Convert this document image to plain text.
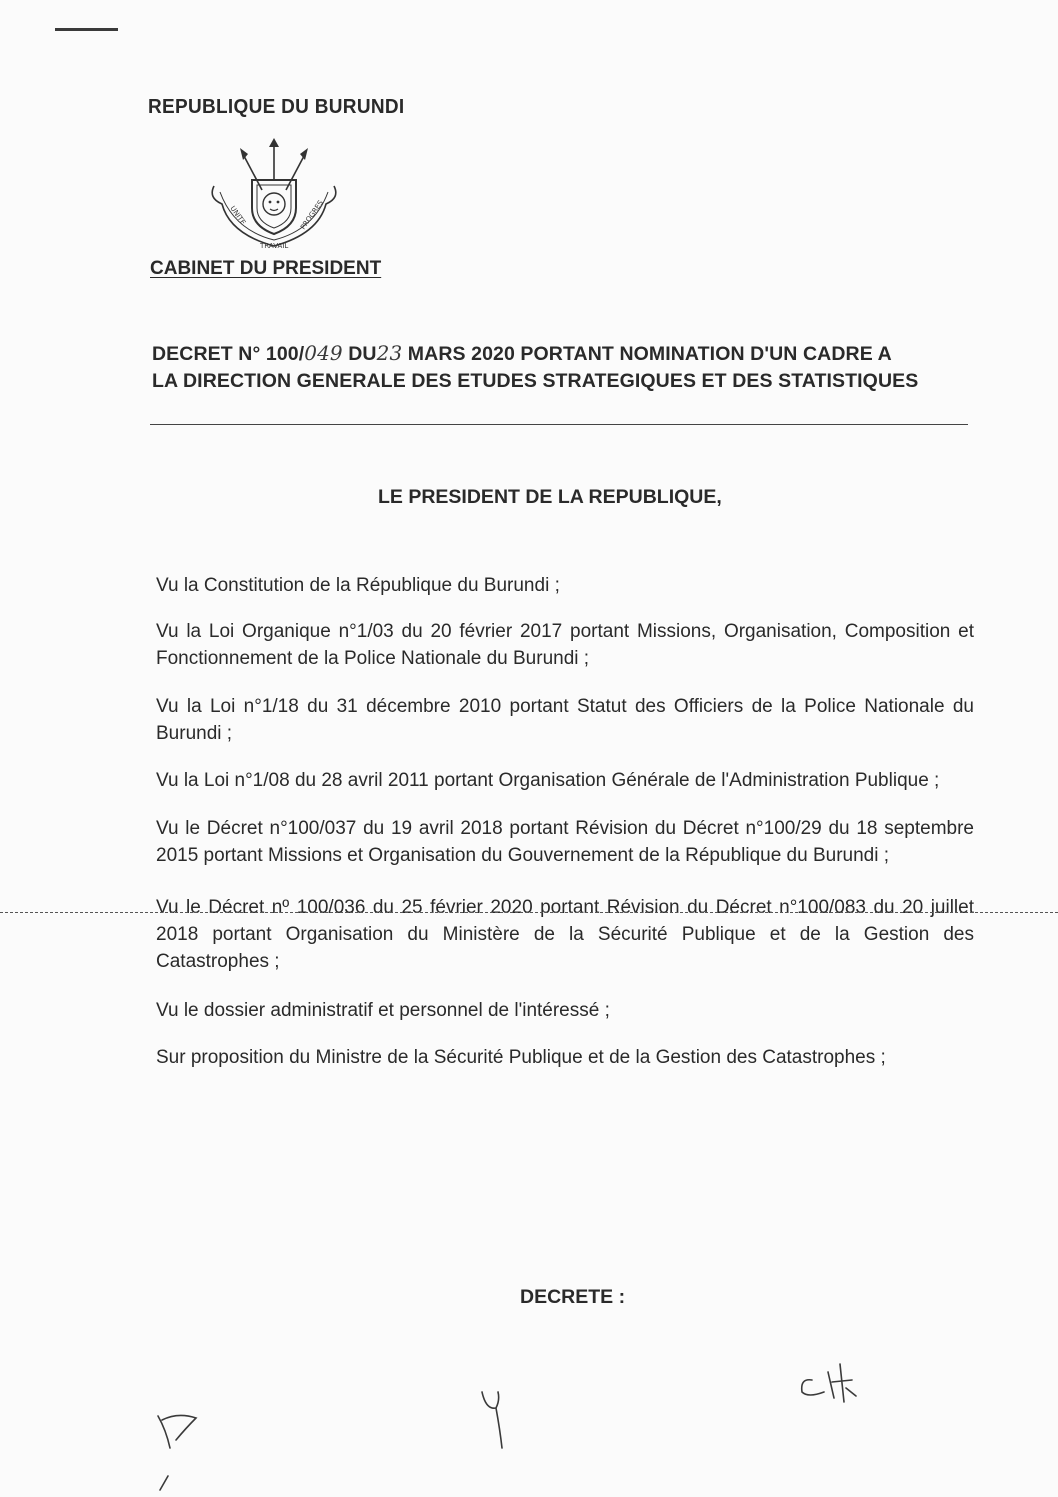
REPUBLIQUE DU BURUNDI
UNITE
TRAVAIL
PROGRES
CABINET DU PRESIDENT
DECRET N° 100/049 DU23 MARS 2020 PORTANT NOMINATION D'UN CADRE A
LA DIRECTION GENERALE DES ETUDES STRATEGIQUES ET DES STATISTIQUES
LE PRESIDENT DE LA REPUBLIQUE,

Vu la Constitution de la République du Burundi ;

Vu la Loi Organique n°1/03 du 20 février 2017 portant Missions, Organisation, Composition et Fonctionnement de la Police Nationale du Burundi ;

Vu la Loi n°1/18 du 31 décembre 2010 portant Statut des Officiers de la Police Nationale du Burundi ;

Vu la Loi n°1/08 du 28 avril 2011 portant Organisation Générale de l'Administration Publique ;

Vu le Décret n°100/037 du 19 avril 2018 portant Révision du Décret n°100/29 du 18 septembre 2015 portant Missions et Organisation du Gouvernement de la République du Burundi ;

Vu le Décret nº 100/036 du 25 février 2020 portant Révision du Décret n°100/083 du 20 juillet 2018 portant Organisation du Ministère de la Sécurité Publique et de la Gestion des Catastrophes ;

Vu le dossier administratif et personnel de l'intéressé ;

Sur proposition du Ministre de la Sécurité Publique et de la Gestion des Catastrophes ;

DECRETE :
